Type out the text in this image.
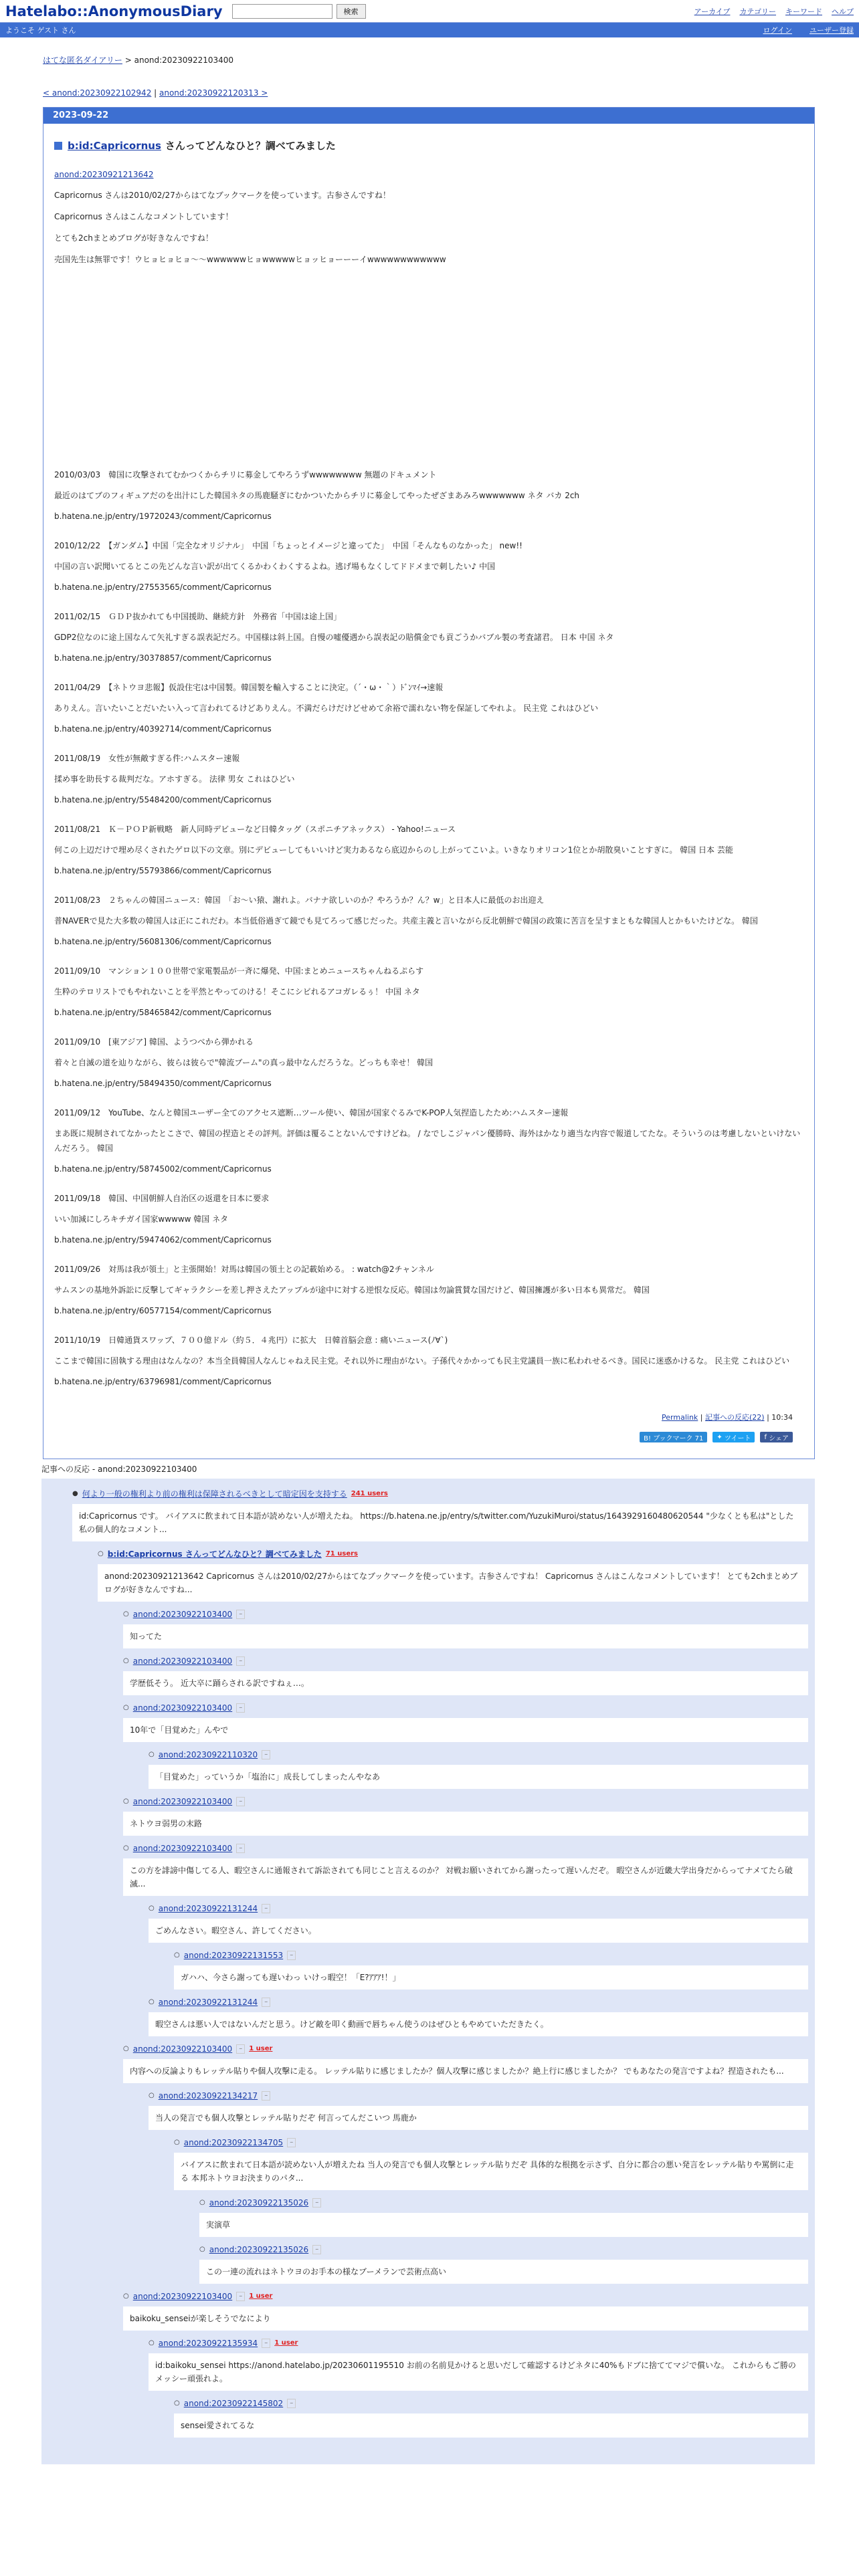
Hatelabo::AnonymousDiary	検索	アーカイブ カテゴリー キーワード ヘルプ
ようこそ ゲスト さん	ログイン ユーザー登録
はてな匿名ダイアリー > anond:20230922103400
< anond:20230922102942 | anond:20230922120313 >
2023-09-22
b:id:Capricornus さんってどんなひと？調べてみました

anond:20230921213642

Capricornus さんは2010/02/27からはてなブックマークを使っています。古参さんですね！

Capricornus さんはこんなコメントしています！

とても2chまとめブログが好きなんですね！

売国先生は無罪です！ウヒョヒョヒョ〜〜wwwwwwヒョwwwwwヒョッヒョーーーイwwwwwwwwwwww

2010/03/03　韓国に攻撃されてむかつくからチリに募金してやろうずwwwwwwww 無題のドキュメント

最近のはてブのフィギュアだのを出汁にした韓国ネタの馬鹿騒ぎにむかついたからチリに募金してやったぜざまあみろwwwwwww ネタ バカ 2ch

b.hatena.ne.jp/entry/19720243/comment/Capricornus

2010/12/22　【ガンダム】中国「完全なオリジナル」　中国「ちょっとイメージと違ってた」　中国「そんなものなかった」 new!!

中国の言い訳聞いてるとこの先どんな言い訳が出てくるかわくわくするよね。逃げ場もなくしてドドメまで刺したい♪ 中国

b.hatena.ne.jp/entry/27553565/comment/Capricornus

2011/02/15　ＧＤＰ抜かれても中国援助、継続方針　外務省「中国は途上国」

GDP2位なのに途上国なんて矢礼すぎる誤表記だろ。中国様は斜上国。自慢の嘘優遇から誤表記の賠償金でも貢ごうかバブル製の考査諸君。 日本 中国 ネタ

b.hatena.ne.jp/entry/30378857/comment/Capricornus

2011/04/29　【ネトウヨ悲報】仮設住宅は中国製。韓国製を輸入することに決定。（´・ω・｀）ﾄﾞﾝﾏｲ→速報

ありえん。言いたいことだいたい入って言われてるけどありえん。不満だらけだけどせめて余裕で濡れない物を保証してやれよ。 民主党 これはひどい

b.hatena.ne.jp/entry/40392714/comment/Capricornus

2011/08/19　女性が無敵すぎる件:ハムスター速報

揉め事を助長する裁判だな。アホすぎる。 法律 男女 これはひどい

b.hatena.ne.jp/entry/55484200/comment/Capricornus

2011/08/21　Ｋ－ＰＯＰ新戦略　新人同時デビューなど日韓タッグ（スポニチアネックス） - Yahoo!ニュース

何この上辺だけで埋め尽くされたゲロ以下の文章。別にデビューしてもいいけど実力あるなら底辺からのし上がってこいよ。いきなりオリコン1位とか胡散臭いことすぎに。 韓国 日本 芸能

b.hatena.ne.jp/entry/55793866/comment/Capricornus

2011/08/23　２ちゃんの韓国ニュース：韓国　「お〜い猿、謝れよ。バナナ欲しいのか？やろうか？ん？w」と日本人に最低のお出迎え

普NAVERで見た大多数の韓国人は正にこれだわ。本当低俗過ぎて鏡でも見てろって感じだった。共産主義と言いながら反北朝鮮で韓国の政策に苦言を呈すまともな韓国人とかもいたけどな。 韓国

b.hatena.ne.jp/entry/56081306/comment/Capricornus

2011/09/10　マンション１００世帯で家電製品が一斉に爆発、中国:まとめニュースちゃんねるぷらす

生粋のテロリストでもやれないことを平然とやってのける！そこにシビれるアコガレるぅ！ 中国 ネタ

b.hatena.ne.jp/entry/58465842/comment/Capricornus

2011/09/10　[東アジア] 韓国、ようつべから弾かれる

着々と自滅の道を辿りながら、彼らは彼らで"韓流ブーム"の真っ最中なんだろうな。どっちも幸せ！ 韓国

b.hatena.ne.jp/entry/58494350/comment/Capricornus

2011/09/12　YouTube、なんと韓国ユーザー全てのアクセス遮断…ツール使い、韓国が国家ぐるみでK-POP人気捏造したため:ハムスター速報

まあ既に規制されてなかったとこさで、韓国の捏造とその評判。評価は覆ることないんですけどね。 / なでしこジャパン優勝時、海外はかなり適当な内容で報道してたな。そういうのは考慮しないといけないんだろう。 韓国

b.hatena.ne.jp/entry/58745002/comment/Capricornus

2011/09/18　韓国、中国朝鮮人自治区の返還を日本に要求

いい加減にしろキチガイ国家wwwww 韓国 ネタ

b.hatena.ne.jp/entry/59474062/comment/Capricornus

2011/09/26　対馬は我が領土」と主張開始！対馬は韓国の領土との記載始める。 : watch@2チャンネル

サムスンの基地外訴訟に反撃してギャラクシーを差し押さえたアップルが途中に対する逆恨な反応。韓国は勿論賞賛な国だけど、韓国擁護が多い日本も異常だ。 韓国

b.hatena.ne.jp/entry/60577154/comment/Capricornus

2011/10/19　日韓通貨スワップ、７００億ドル（約５．４兆円）に拡大　日韓首脳会意 : 痛いニュース(ﾉ∀`)

ここまで韓国に固執する理由はなんなの？本当全員韓国人なんじゃねえ民主党。それ以外に理由がない。子孫代々かかっても民主党議員一族に私われせるべき。国民に迷惑かけるな。 民主党 これはひどい

b.hatena.ne.jp/entry/63796981/comment/Capricornus

Permalink | 記事への反応(22) | 10:34
B! ブックマーク 71	✦ ツイート f シェア
記事への反応 - anond:20230922103400
● 何より一般の権利より前の権利は保障されるべきとして暗定因を支持する 241 users
id:Capricornus です。 バイアスに飲まれて日本語が読めない人が増えたね。 https://b.hatena.ne.jp/entry/s/twitter.com/YuzukiMuroi/status/1643929160480620544 "少なくとも私は"とした私の個人的なコメント...
○ b:id:Capricornus さんってどんなひと？調べてみました 71 users
anond:20230921213642 Capricornus さんは2010/02/27からはてなブックマークを使っています。古参さんですね！ Capricornus さんはこんなコメントしています！ とても2chまとめブログが好きなんですね...
○ anond:20230922103400	–
知ってた
○ anond:20230922103400	–
学歴低そう。 近大卒に踊らされる訳ですねぇ…。
○ anond:20230922103400	–
10年で「目覚めた」んやで
○ anond:20230922110320	–
「目覚めた」っていうか「塩治に」成長してしまったんやなあ
○ anond:20230922103400	–
ネトウヨ弱男の末路
○ anond:20230922103400	–
この方を誹謗中傷してる人、暇空さんに通報されて訴訟されても同じこと言えるのか？ 対戦お願いされてから謝ったって遅いんだぞ。 暇空さんが近畿大学出身だからってナメてたら破滅...
○ anond:20230922131244	–
ごめんなさい。暇空さん、許してください。
○ anond:20230922131553	–
ガハハ、今さら謝っても遅いわっ いけっ暇空！「E?ｱｱｱ!！」
○ anond:20230922131244	–
暇空さんは悪い人ではないんだと思う。けど敵を叩く動画で唇ちゃん使うのはぜひともやめていただきたく。
○ anond:20230922103400	–	1 user
内容への反論よりもレッテル貼りや個人攻撃に走る。 レッテル貼りに感じましたか？個人攻撃に感じましたか？絶上行に感じましたか？ でもあなたの発言ですよね？捏造されたも...
○ anond:20230922134217	–
当人の発言でも個人攻撃とレッテル貼りだぞ 何言ってんだこいつ 馬鹿か
○ anond:20230922134705	–
バイアスに飲まれて日本語が読めない人が増えたね 当人の発言でも個人攻撃とレッテル貼りだぞ 具体的な根拠を示さず、自分に都合の悪い発言をレッテル貼りや罵倒に走る 本邦ネトウヨお決まりのパタ...
○ anond:20230922135026	–
実演草
○ anond:20230922135026	–
この一連の流れはネトウヨのお手本の様なブーメランで芸術点高い
○ anond:20230922103400	–	1 user
baikoku_senseiが楽しそうでなにより
○ anond:20230922135934	–	1 user
id:baikoku_sensei https://anond.hatelabo.jp/20230601195510 お前の名前見かけると思いだして確認するけどネタに40%もドブに捨ててマジで償いな。 これからもご勝のメッシー頑張れよ。
○ anond:20230922145802	–
sensei愛されてるな
